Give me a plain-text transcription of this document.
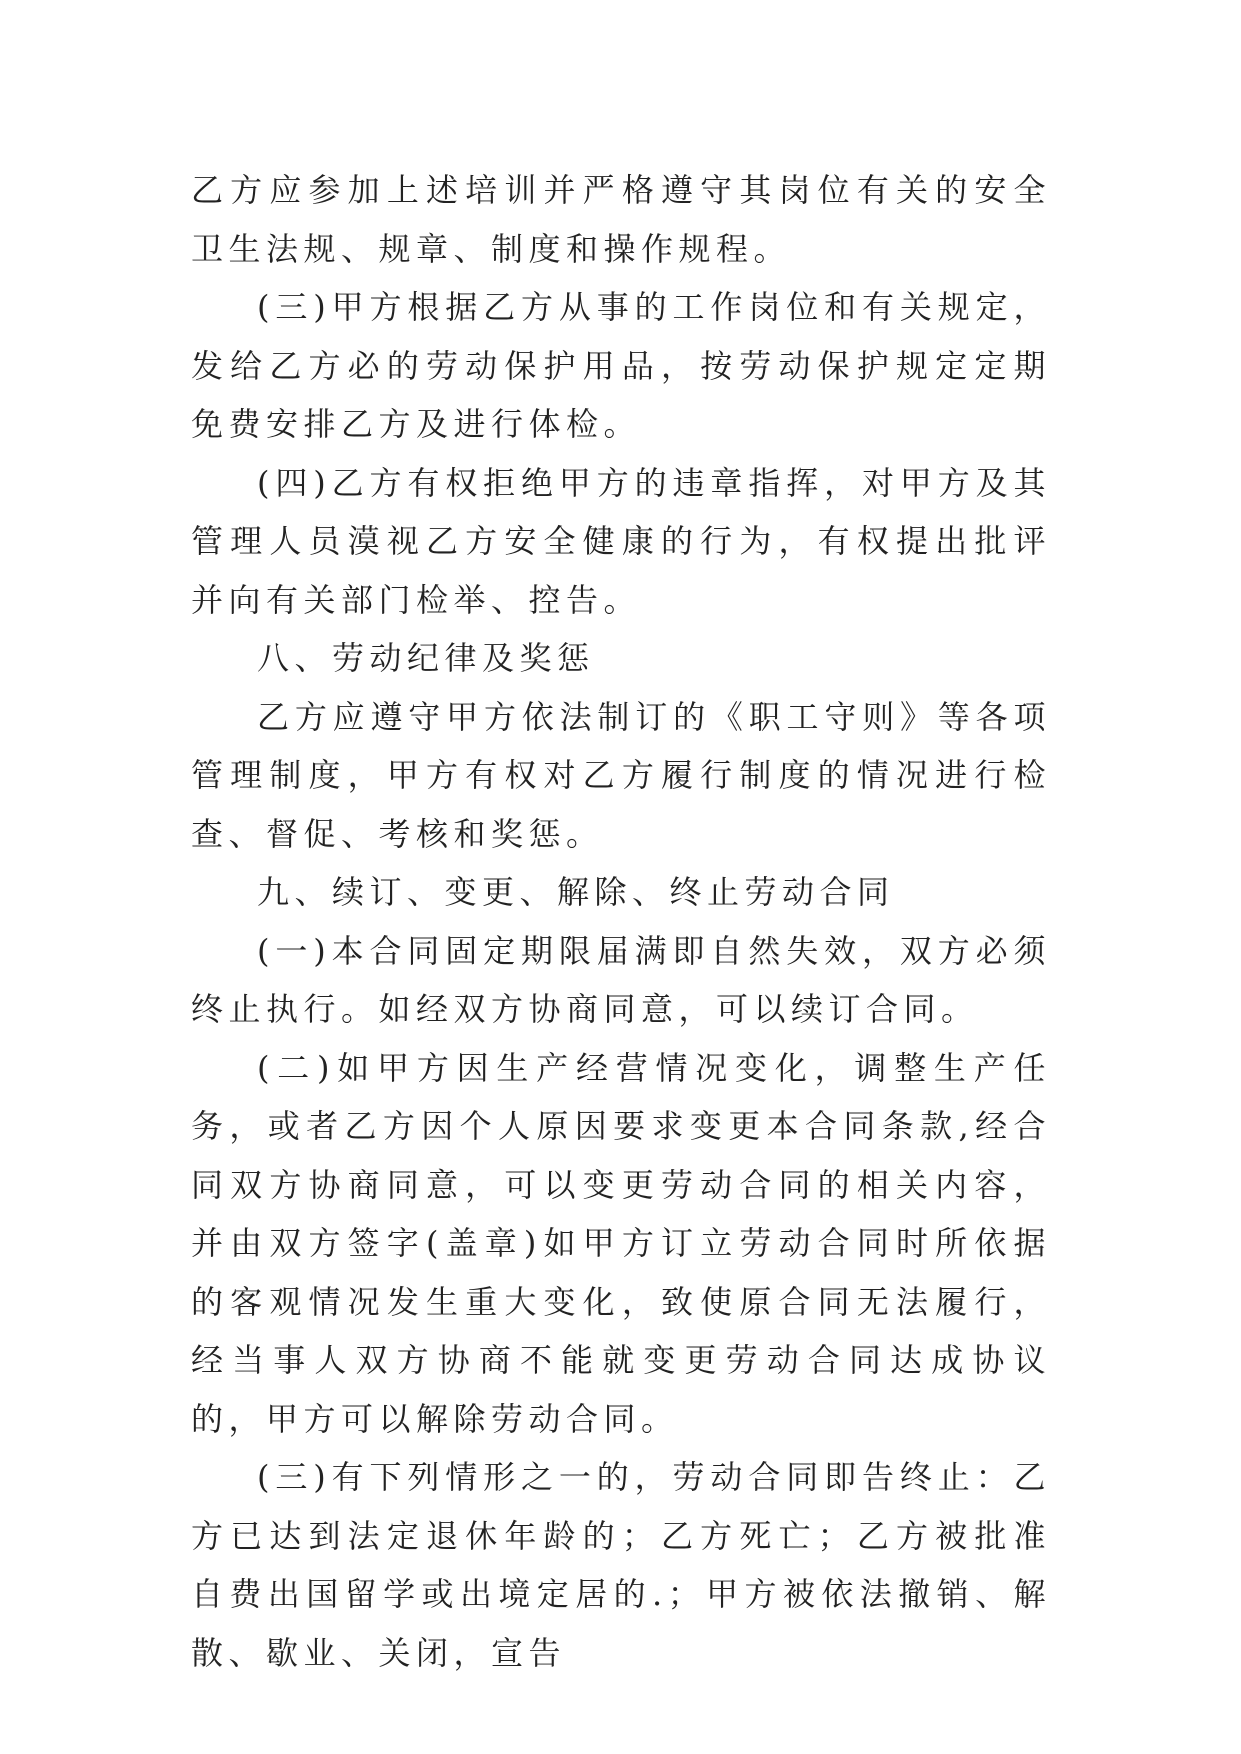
乙方应参加上述培训并严格遵守其岗位有关的安全卫生法规、规章、制度和操作规程。

(三)甲方根据乙方从事的工作岗位和有关规定，发给乙方必的劳动保护用品，按劳动保护规定定期免费安排乙方及进行体检。

(四)乙方有权拒绝甲方的违章指挥，对甲方及其管理人员漠视乙方安全健康的行为，有权提出批评并向有关部门检举、控告。

八、劳动纪律及奖惩

乙方应遵守甲方依法制订的《职工守则》等各项管理制度，甲方有权对乙方履行制度的情况进行检查、督促、考核和奖惩。

九、续订、变更、解除、终止劳动合同

(一)本合同固定期限届满即自然失效，双方必须终止执行。如经双方协商同意，可以续订合同。

(二)如甲方因生产经营情况变化，调整生产任务，或者乙方因个人原因要求变更本合同条款,经合同双方协商同意，可以变更劳动合同的相关内容，并由双方签字(盖章)如甲方订立劳动合同时所依据的客观情况发生重大变化，致使原合同无法履行，经当事人双方协商不能就变更劳动合同达成协议的，甲方可以解除劳动合同。

(三)有下列情形之一的，劳动合同即告终止：乙方已达到法定退休年龄的；乙方死亡；乙方被批准自费出国留学或出境定居的.；甲方被依法撤销、解散、歇业、关闭，宣告
